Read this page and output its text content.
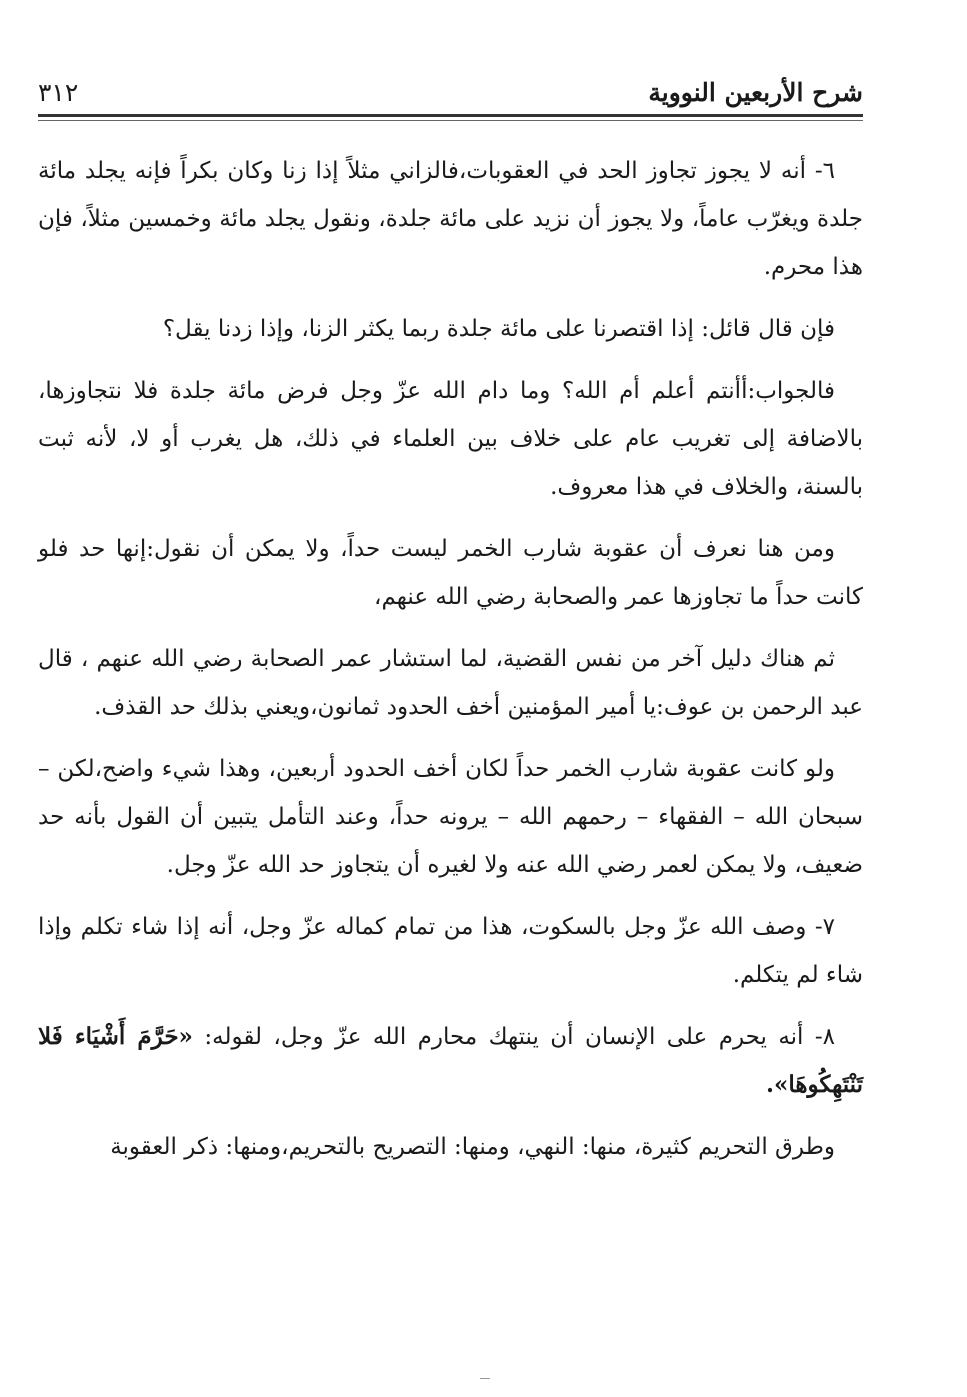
شرح الأربعين النووية
٣١٢

٦- أنه لا يجوز تجاوز الحد في العقوبات،فالزاني مثلاً إذا زنا وكان بكراً فإنه يجلد مائة جلدة ويغرّب عاماً، ولا يجوز أن نزيد على مائة جلدة، ونقول يجلد مائة وخمسين مثلاً، فإن هذا محرم.

فإن قال قائل: إذا اقتصرنا على مائة جلدة ربما يكثر الزنا، وإذا زدنا يقل؟

فالجواب:أأنتم أعلم أم الله؟ وما دام الله عزّ وجل فرض مائة جلدة فلا نتجاوزها، بالاضافة إلى تغريب عام على خلاف بين العلماء في ذلك، هل يغرب أو لا، لأنه ثبت بالسنة، والخلاف في هذا معروف.

ومن هنا نعرف أن عقوبة شارب الخمر ليست حداً، ولا يمكن أن نقول:إنها حد فلو كانت حداً ما تجاوزها عمر والصحابة رضي الله عنهم،

ثم هناك دليل آخر من نفس القضية، لما استشار عمر الصحابة رضي الله عنهم ، قال عبد الرحمن بن عوف:يا أمير المؤمنين أخف الحدود ثمانون،ويعني بذلك حد القذف.

ولو كانت عقوبة شارب الخمر حداً لكان أخف الحدود أربعين، وهذا شيء واضح،لكن – سبحان الله – الفقهاء – رحمهم الله – يرونه حداً، وعند التأمل يتبين أن القول بأنه حد ضعيف، ولا يمكن لعمر رضي الله عنه ولا لغيره أن يتجاوز حد الله عزّ وجل.

٧- وصف الله عزّ وجل بالسكوت، هذا من تمام كماله عزّ وجل، أنه إذا شاء تكلم وإذا شاء لم يتكلم.

٨- أنه يحرم على الإنسان أن ينتهك محارم الله عزّ وجل، لقوله: «حَرَّمَ أَشْيَاء فَلا تَنْتَهِكُوهَا».

وطرق التحريم كثيرة، منها: النهي، ومنها: التصريح بالتحريم،ومنها: ذكر العقوبة
